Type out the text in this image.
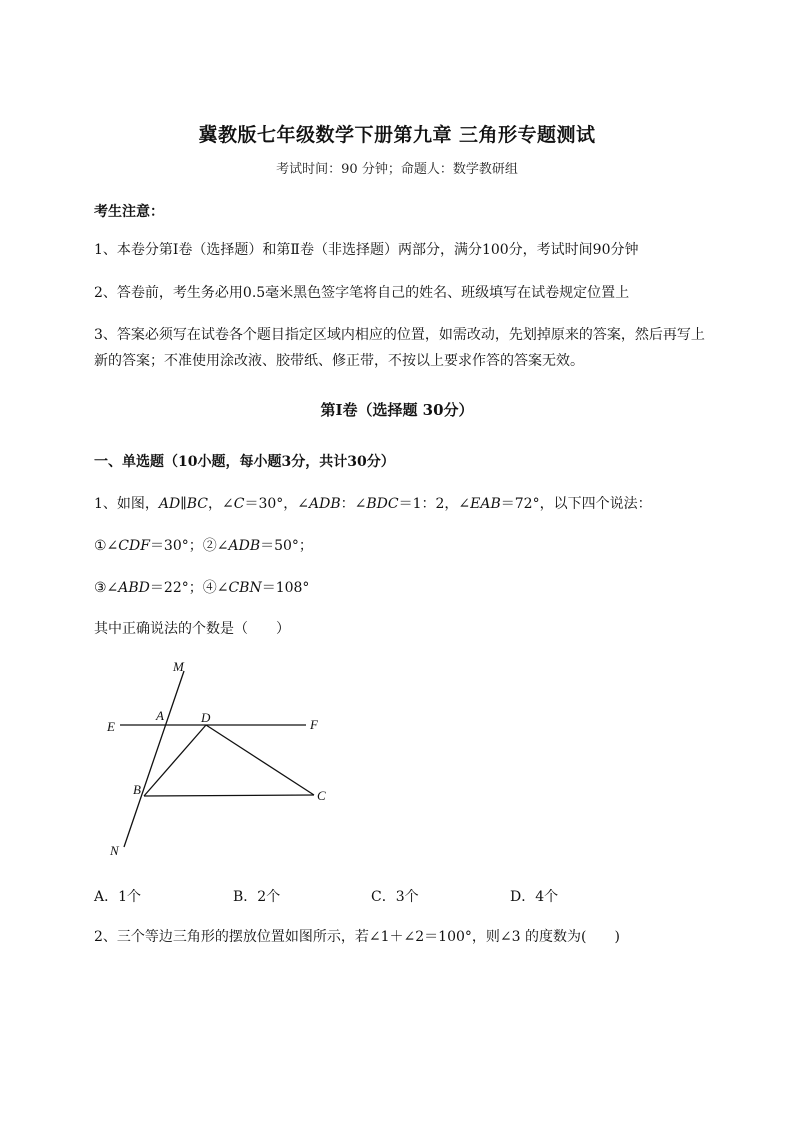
冀教版七年级数学下册第九章 三角形专题测试
考试时间：90 分钟；命题人：数学教研组
考生注意：
1、本卷分第Ⅰ卷（选择题）和第Ⅱ卷（非选择题）两部分，满分100分，考试时间90分钟
2、答卷前，考生务必用0.5毫米黑色签字笔将自己的姓名、班级填写在试卷规定位置上
3、答案必须写在试卷各个题目指定区域内相应的位置，如需改动，先划掉原来的答案，然后再写上新的答案；不准使用涂改液、胶带纸、修正带，不按以上要求作答的答案无效。
第Ⅰ卷（选择题 30分）
一、单选题（10小题，每小题3分，共计30分）
1、如图，AD∥BC，∠C＝30°，∠ADB：∠BDC＝1：2，∠EAB＝72°，以下四个说法：
①∠CDF＝30°；②∠ADB＝50°；
③∠ABD＝22°；④∠CBN＝108°
其中正确说法的个数是（　　）
M
A	D
E	F
B	C
N
A．1个	B．2个	C．3个	D．4个
2、三个等边三角形的摆放位置如图所示，若∠1＋∠2＝100°，则∠3 的度数为(　　)
